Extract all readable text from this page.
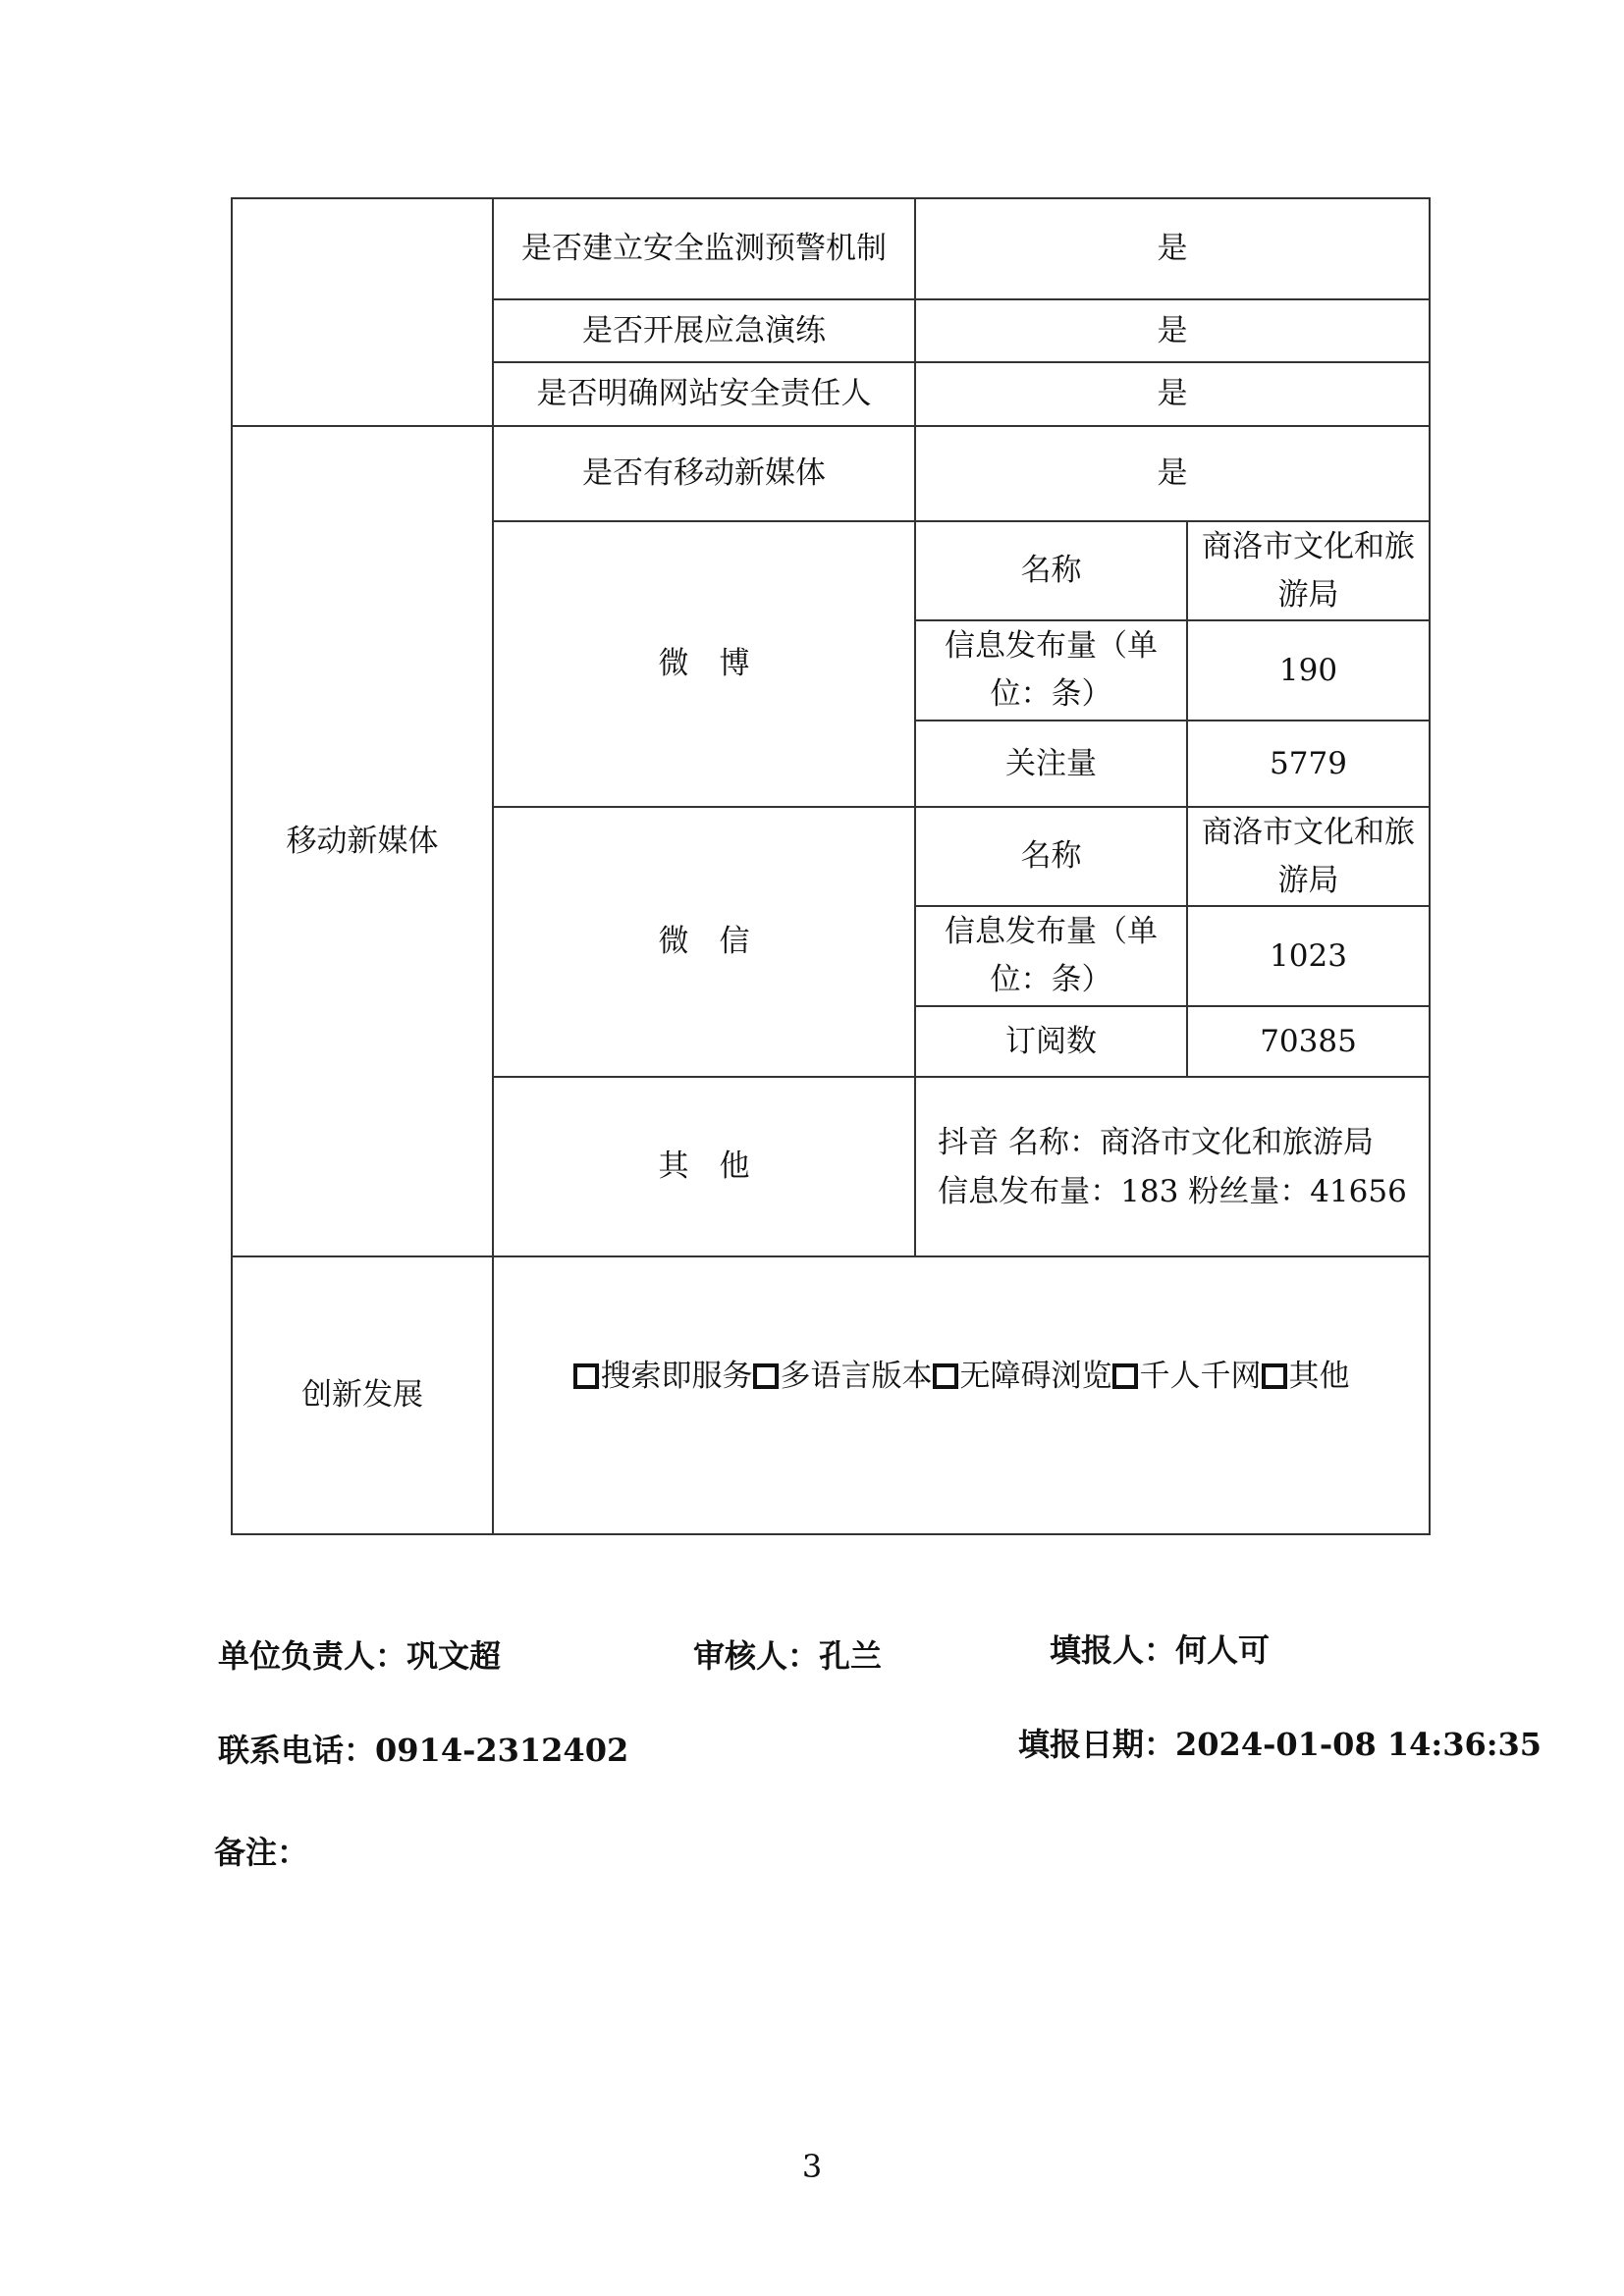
	是否建立安全监测预警机制	是	
	是否开展应急演练	是	
	是否明确网站安全责任人	是	
移动新媒体	是否有移动新媒体	是	
	微　博	名称	商洛市文化和旅游局
		信息发布量（单位：条）	190
		关注量	5779
	微　信	名称	商洛市文化和旅游局
		信息发布量（单位：条）	1023
		订阅数	70385
	其　他	抖音 名称：商洛市文化和旅游局
信息发布量：183 粉丝量：41656	

创新发展	搜索即服务 多语言版本 无障碍浏览 千人千网 其他		
单位负责人：巩文超	审核人：孔兰	填报人：何人可
联系电话：0914-2312402	填报日期：2024-01-08 14:36:35
备注：
3
